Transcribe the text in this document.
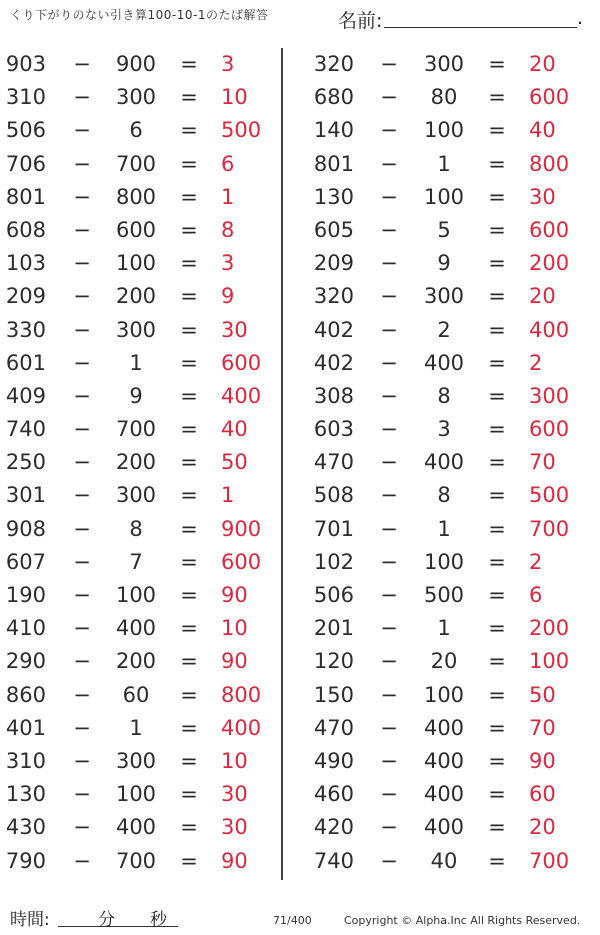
くり下がりのない引き算100-10-1のたば解答	名前:	.
903 − 900 = 3
310 − 300 = 10
506 −	6	= 500
706 − 700 = 6
801 − 800 = 1
608 − 600 = 8
103 − 100 = 3
209 − 200 = 9
330 − 300 = 30
601 −	1	= 600
409 −	9	= 400
740 − 700 = 40
250 − 200 = 50
301 − 300 = 1
908 −	8	= 900
607 −	7	= 600
190 − 100 = 90
410 − 400 = 10
290 − 200 = 90
860 −	60	= 800
401 −	1	= 400
310 − 300 = 10
130 − 100 = 30
430 − 400 = 30
790 − 700 = 90
320 − 300 = 20
680 −	80	= 600
140 − 100 = 40
801 −	1	= 800
130 − 100 = 30
605 −	5	= 600
209 −	9	= 200
320 − 300 = 20
402 −	2	= 400
402 − 400 = 2
308 −	8	= 300
603 −	3	= 600
470 − 400 = 70
508 −	8	= 500
701 −	1	= 700
102 − 100 = 2
506 − 500 = 6
201 −	1	= 200
120 −	20	= 100
150 − 100 = 50
470 − 400 = 70
490 − 400 = 90
460 − 400 = 60
420 − 400 = 20
740 −	40	= 700
時間:	分 秒	71/400	Copyright © Alpha.Inc All Rights Reserved.
